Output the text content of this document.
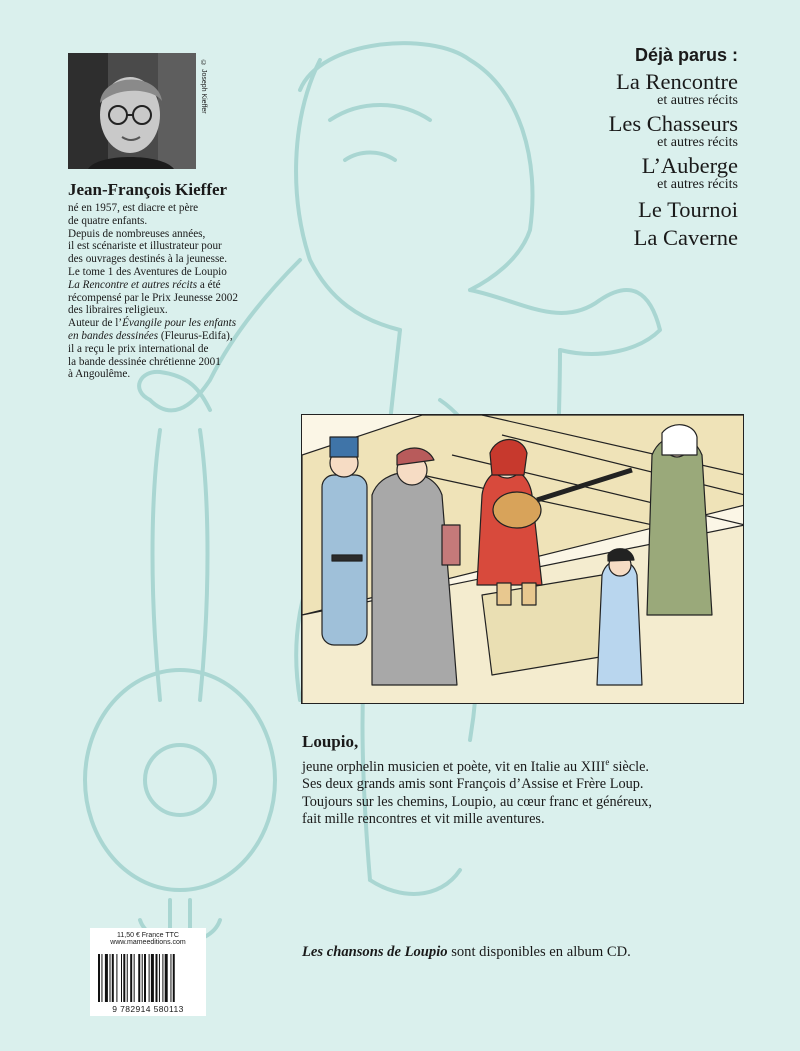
© Joseph Kieffer
Jean-François Kieffer
né en 1957, est diacre et père
de quatre enfants.
Depuis de nombreuses années,
il est scénariste et illustrateur pour
des ouvrages destinés à la jeunesse.
Le tome 1 des Aventures de Loupio
La Rencontre et autres récits a été
récompensé par le Prix Jeunesse 2002
des libraires religieux.
Auteur de l’Évangile pour les enfants
en bandes dessinées (Fleurus-Edifa),
il a reçu le prix international de
la bande dessinée chrétienne 2001
à Angoulême.
Déjà parus :
La Rencontre
et autres récits
Les Chasseurs
et autres récits
L’Auberge
et autres récits
Le Tournoi
La Caverne
Loupio,
jeune orphelin musicien et poète, vit en Italie au XIIIe siècle.
Ses deux grands amis sont François d’Assise et Frère Loup.
Toujours sur les chemins, Loupio, au cœur franc et généreux,
fait mille rencontres et vit mille aventures.
Les chansons de Loupio sont disponibles en album CD.
11,50 € France TTC
www.mameeditions.com
9 782914 580113
